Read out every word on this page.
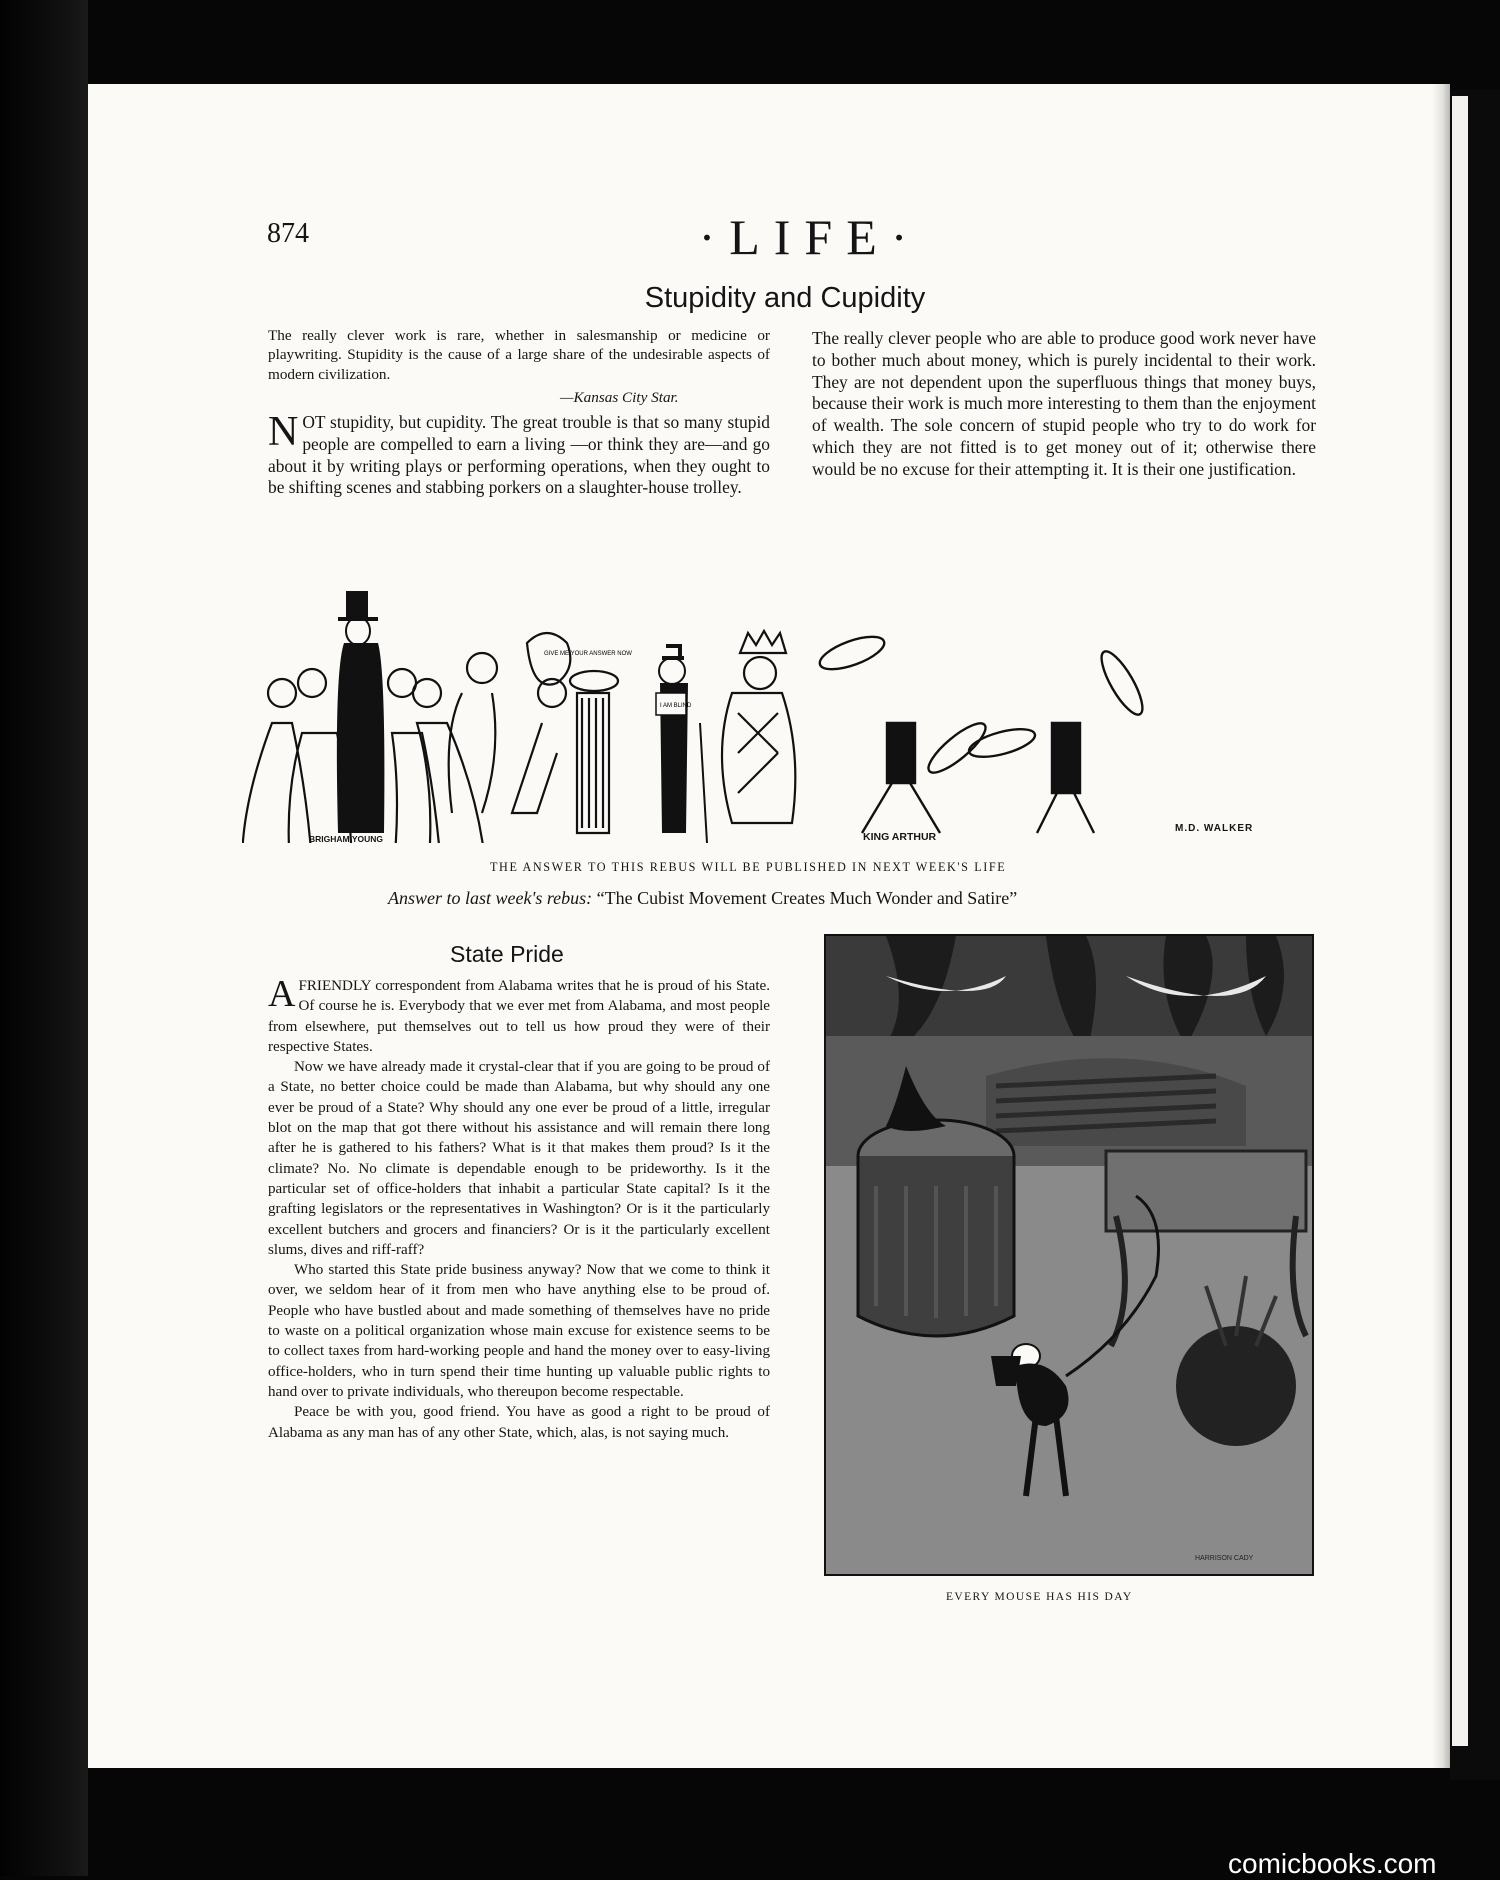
874	·LIFE·
Stupidity and Cupidity
The really clever work is rare, whether in salesmanship or medicine or playwriting. Stupidity is the cause of a large share of the undesirable aspects of modern civilization.
—Kansas City Star.
NOT stupidity, but cupidity. The great trouble is that so many stupid people are compelled to earn a living —or think they are—and go about it by writing plays or performing operations, when they ought to be shifting scenes and stabbing porkers on a slaughter-house trolley.
The really clever people who are able to produce good work never have to bother much about money, which is purely incidental to their work. They are not dependent upon the superfluous things that money buys, because their work is much more interesting to them than the enjoyment of wealth. The sole concern of stupid people who try to do work for which they are not fitted is to get money out of it; otherwise there would be no excuse for their attempting it. It is their one justification.
GIVE ME YOUR ANSWER NOW
I AM BLIND
BRIGHAM YOUNG	KING ARTHUR
M.D. WALKER
THE ANSWER TO THIS REBUS WILL BE PUBLISHED IN NEXT WEEK'S LIFE
Answer to last week's rebus: “The Cubist Movement Creates Much Wonder and Satire”
State Pride

AFRIENDLY correspondent from Alabama writes that he is proud of his State. Of course he is. Everybody that we ever met from Alabama, and most people from elsewhere, put themselves out to tell us how proud they were of their respective States.

Now we have already made it crystal-clear that if you are going to be proud of a State, no better choice could be made than Alabama, but why should any one ever be proud of a State? Why should any one ever be proud of a little, irregular blot on the map that got there without his assistance and will remain there long after he is gathered to his fathers? What is it that makes them proud? Is it the climate? No. No climate is dependable enough to be prideworthy. Is it the particular set of office-holders that inhabit a particular State capital? Is it the grafting legislators or the representatives in Washington? Or is it the particularly excellent butchers and grocers and financiers? Or is it the particularly excellent slums, dives and riff-raff?

Who started this State pride business anyway? Now that we come to think it over, we seldom hear of it from men who have anything else to be proud of. People who have bustled about and made something of themselves have no pride to waste on a political organization whose main excuse for existence seems to be to collect taxes from hard-working people and hand the money over to easy-living office-holders, who in turn spend their time hunting up valuable public rights to hand over to private individuals, who thereupon become respectable.

Peace be with you, good friend. You have as good a right to be proud of Alabama as any man has of any other State, which, alas, is not saying much.

HARRISON CADY
EVERY MOUSE HAS HIS DAY
comicbooks.com
